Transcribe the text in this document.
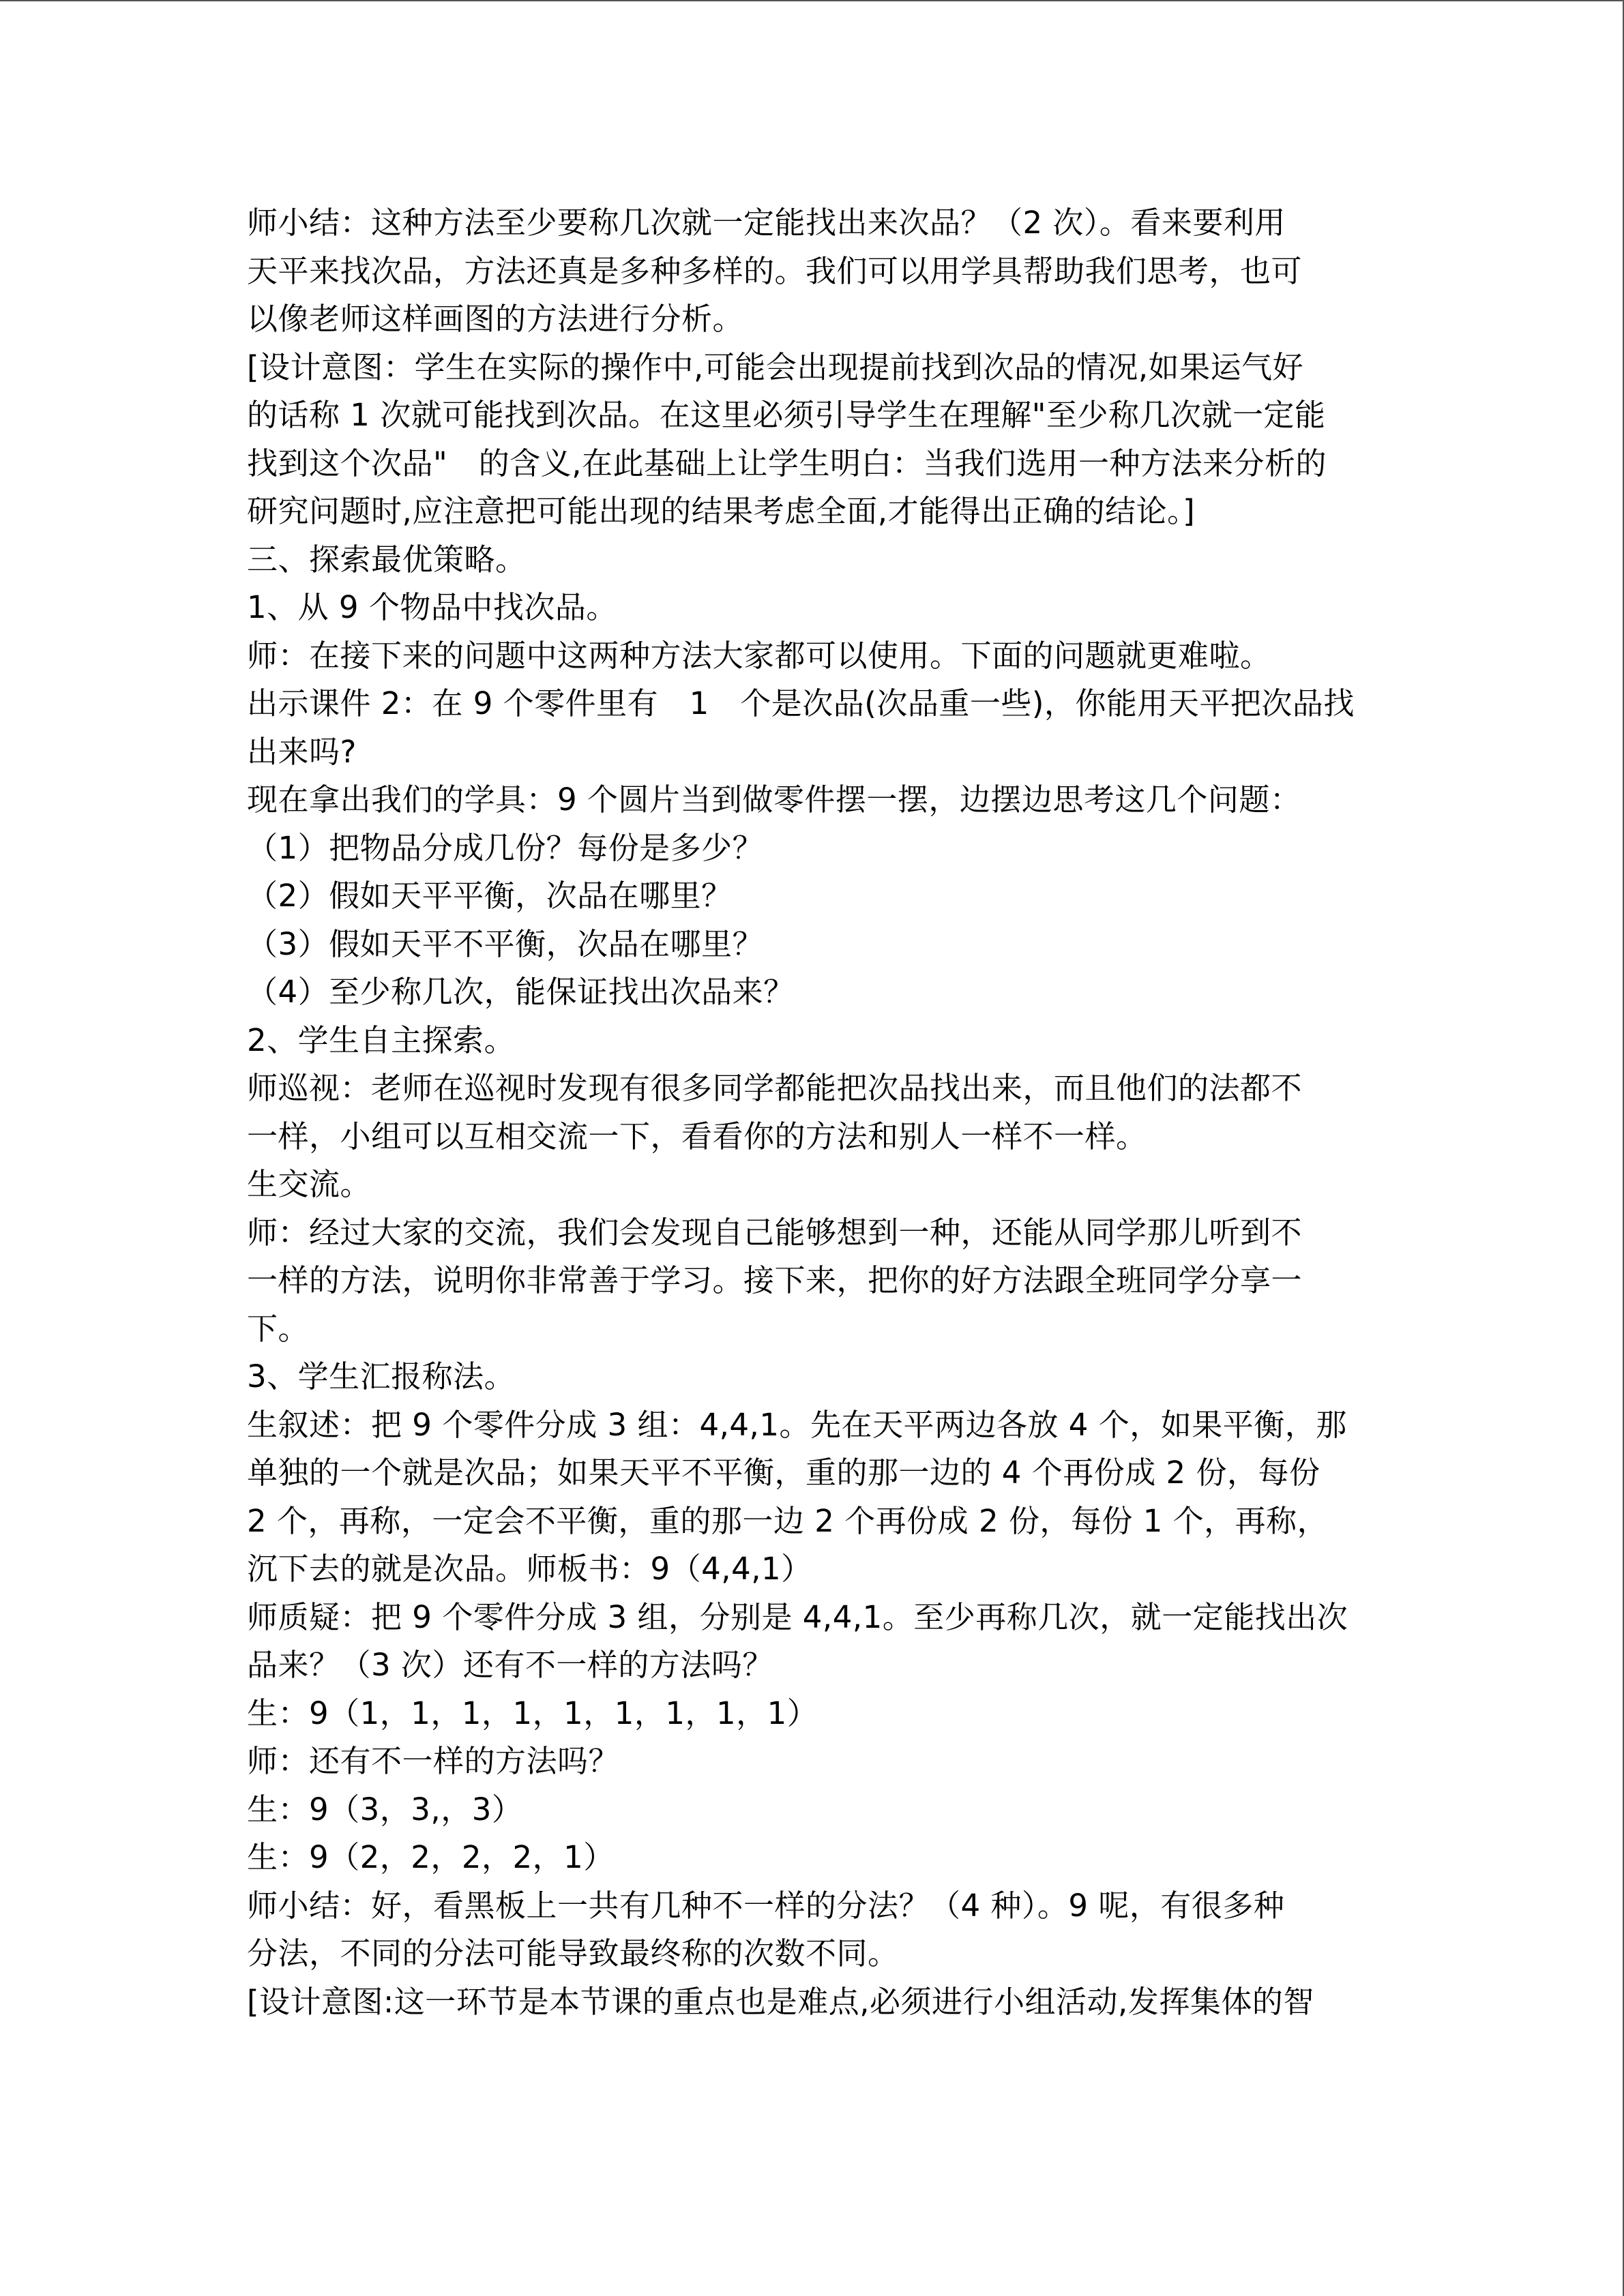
师小结：这种方法至少要称几次就一定能找出来次品？（2 次）。看来要利用
天平来找次品，方法还真是多种多样的。我们可以用学具帮助我们思考，也可
以像老师这样画图的方法进行分析。
[设计意图：学生在实际的操作中,可能会出现提前找到次品的情况,如果运气好
的话称 1 次就可能找到次品。在这里必须引导学生在理解"至少称几次就一定能
找到这个次品"　的含义,在此基础上让学生明白：当我们选用一种方法来分析的
研究问题时,应注意把可能出现的结果考虑全面,才能得出正确的结论。]
三、探索最优策略。
1、从 9 个物品中找次品。
师：在接下来的问题中这两种方法大家都可以使用。下面的问题就更难啦。
出示课件 2：在 9 个零件里有　1　个是次品(次品重一些)，你能用天平把次品找
出来吗?
现在拿出我们的学具：9 个圆片当到做零件摆一摆，边摆边思考这几个问题：
（1）把物品分成几份？每份是多少？
（2）假如天平平衡，次品在哪里？
（3）假如天平不平衡，次品在哪里？
（4）至少称几次，能保证找出次品来？
2、学生自主探索。
师巡视：老师在巡视时发现有很多同学都能把次品找出来，而且他们的法都不
一样，小组可以互相交流一下，看看你的方法和别人一样不一样。
生交流。
师：经过大家的交流，我们会发现自己能够想到一种，还能从同学那儿听到不
一样的方法，说明你非常善于学习。接下来，把你的好方法跟全班同学分享一
下。
3、学生汇报称法。
生叙述：把 9 个零件分成 3 组：4,4,1。先在天平两边各放 4 个，如果平衡，那
单独的一个就是次品；如果天平不平衡，重的那一边的 4 个再份成 2 份，每份
2 个，再称，一定会不平衡，重的那一边 2 个再份成 2 份，每份 1 个，再称，
沉下去的就是次品。师板书：9（4,4,1）
师质疑：把 9 个零件分成 3 组，分别是 4,4,1。至少再称几次，就一定能找出次
品来？（3 次）还有不一样的方法吗？
生：9（1，1，1，1，1，1，1，1，1）
师：还有不一样的方法吗？
生：9（3，3,，3）
生：9（2，2，2，2，1）
师小结：好，看黑板上一共有几种不一样的分法？（4 种）。9 呢，有很多种
分法，不同的分法可能导致最终称的次数不同。
[设计意图:这一环节是本节课的重点也是难点,必须进行小组活动,发挥集体的智
